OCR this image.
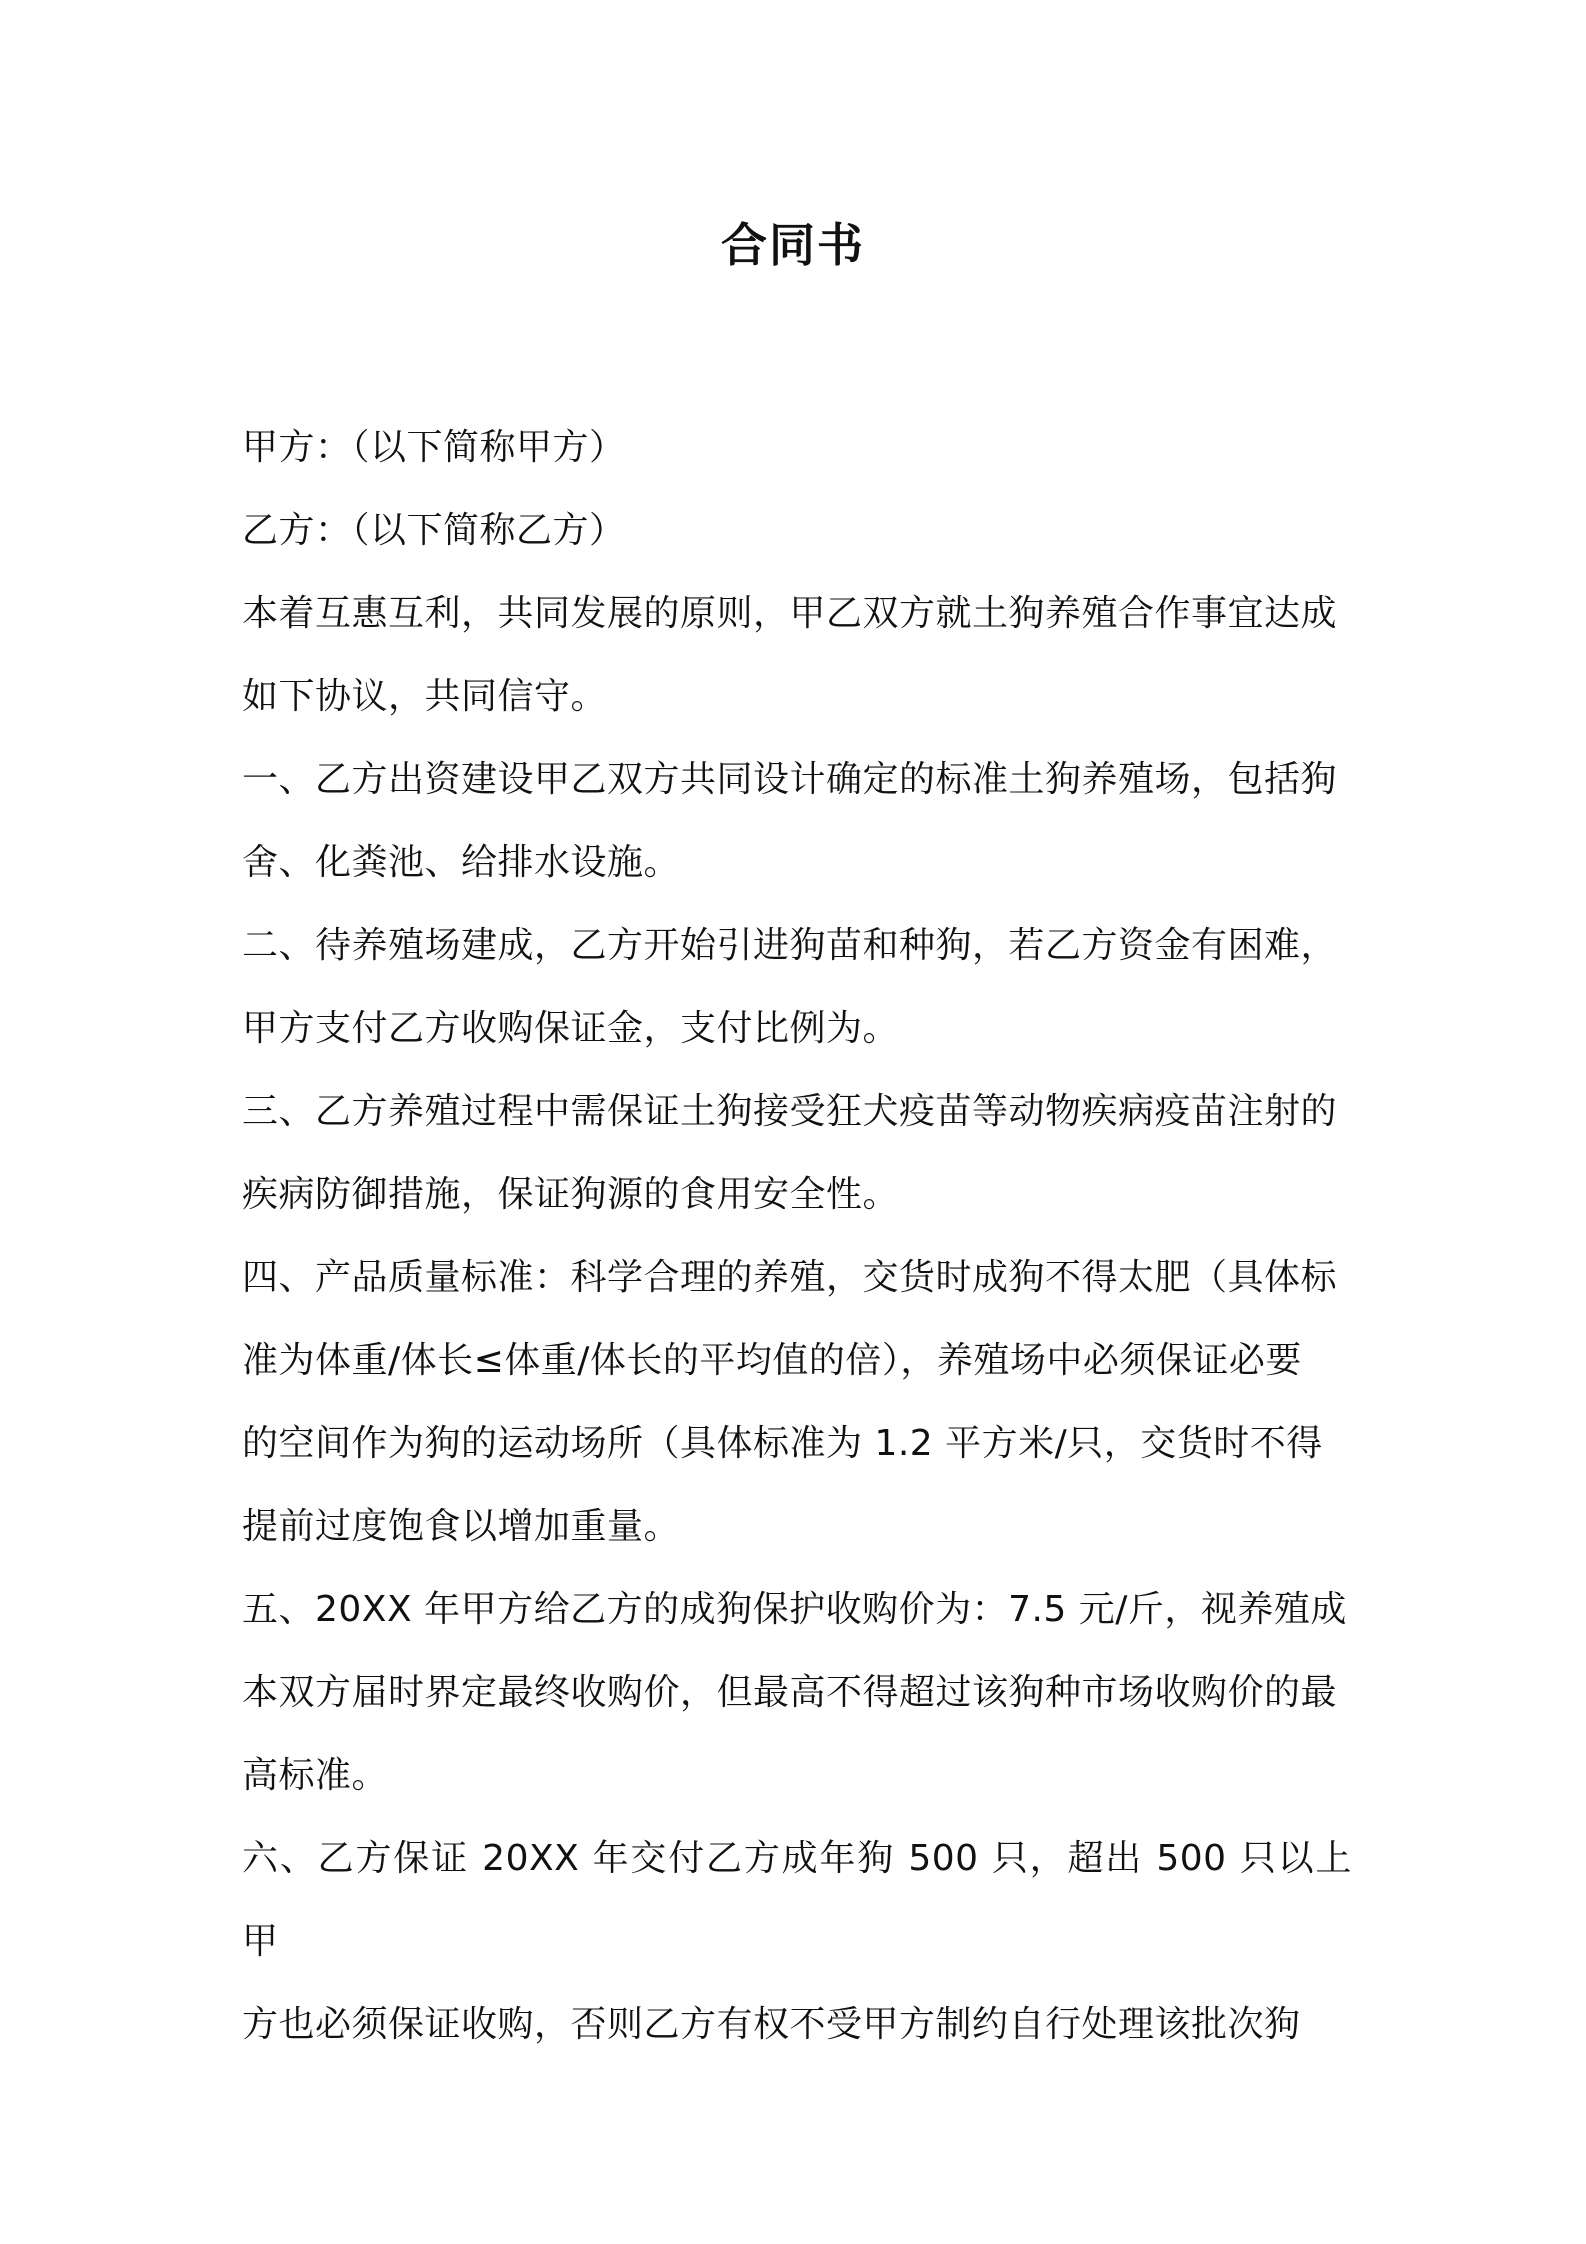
合同书

甲方：（以下简称甲方）

乙方：（以下简称乙方）

本着互惠互利，共同发展的原则，甲乙双方就土狗养殖合作事宜达成
如下协议，共同信守。

一、乙方出资建设甲乙双方共同设计确定的标准土狗养殖场，包括狗
舍、化粪池、给排水设施。

二、待养殖场建成，乙方开始引进狗苗和种狗，若乙方资金有困难，
甲方支付乙方收购保证金，支付比例为。

三、乙方养殖过程中需保证土狗接受狂犬疫苗等动物疾病疫苗注射的
疾病防御措施，保证狗源的食用安全性。

四、产品质量标准：科学合理的养殖，交货时成狗不得太肥（具体标
准为体重/体长≤体重/体长的平均值的倍），养殖场中必须保证必要
的空间作为狗的运动场所（具体标准为 1.2 平方米/只，交货时不得
提前过度饱食以增加重量。

五、20XX 年甲方给乙方的成狗保护收购价为：7.5 元/斤，视养殖成
本双方届时界定最终收购价，但最高不得超过该狗种市场收购价的最
高标准。

六、乙方保证 20XX 年交付乙方成年狗 500 只，超出 500 只以上甲
方也必须保证收购，否则乙方有权不受甲方制约自行处理该批次狗
